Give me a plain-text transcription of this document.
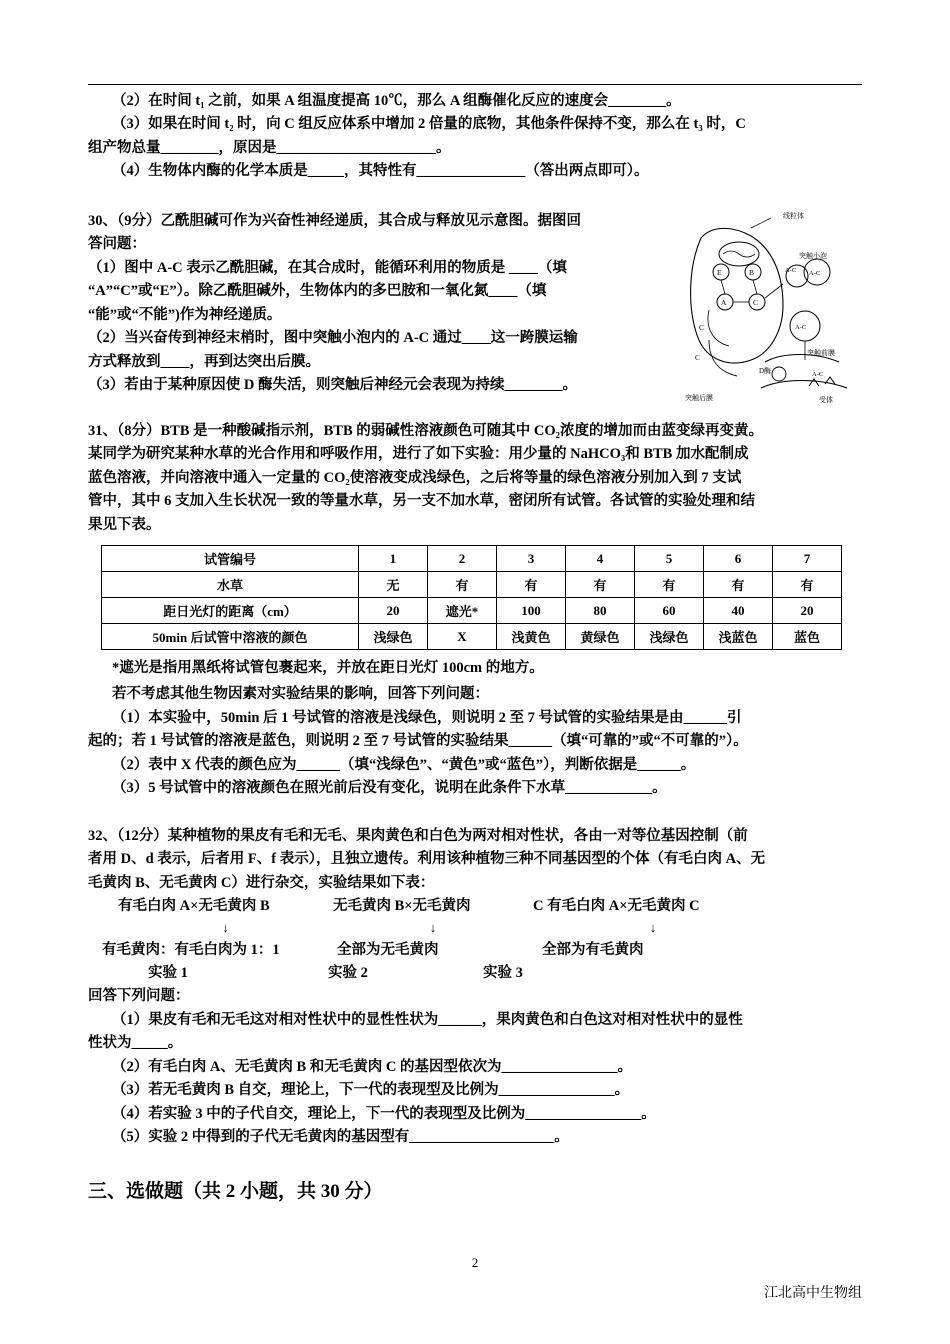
（2）在时间 t₁ 之前，如果 A 组温度提高 10℃，那么 A 组酶催化反应的速度会________。
（3）如果在时间 t₂ 时，向 C 组反应体系中增加 2 倍量的底物，其他条件保持不变，那么在 t₃ 时，C
组产物总量________，原因是______________________。
（4）生物体内酶的化学本质是_____，其特性有_______________（答出两点即可）。
30、（9分）乙酰胆碱可作为兴奋性神经递质，其合成与释放见示意图。据图回
答问题：
（1）图中 A-C 表示乙酰胆碱，在其合成时，能循环利用的物质是 ____（填
“A”“C”或“E”）。除乙酰胆碱外，生物体内的多巴胺和一氧化氮____（填
“能”或“不能”)作为神经递质。
（2）当兴奋传到神经末梢时，图中突触小泡内的 A-C 通过____这一跨膜运输
方式释放到____，再到达突出后膜。
（3）若由于某种原因使 D 酶失活，则突触后神经元会表现为持续________。
线粒体
E	B
A	C
C
C
A-C A-C
A-C
A-C
突触小泡
突触前膜
突触后膜	受体
D酶
31、（8分）BTB 是一种酸碱指示剂，BTB 的弱碱性溶液颜色可随其中 CO₂浓度的增加而由蓝变绿再变黄。
某同学为研究某种水草的光合作用和呼吸作用，进行了如下实验：用少量的 NaHCO₃和 BTB 加水配制成
蓝色溶液，并向溶液中通入一定量的 CO₂使溶液变成浅绿色，之后将等量的绿色溶液分别加入到 7 支试
管中，其中 6 支加入生长状况一致的等量水草，另一支不加水草，密闭所有试管。各试管的实验处理和结
果见下表。
试管编号	1	2	3	4	5	6	7
水草	无	有	有	有	有	有	有
距日光灯的距离（cm）	20	遮光*	100	80	60	40	20
50min 后试管中溶液的颜色	浅绿色	X	浅黄色	黄绿色	浅绿色	浅蓝色	蓝色
*遮光是指用黑纸将试管包裹起来，并放在距日光灯 100cm 的地方。
若不考虑其他生物因素对实验结果的影响，回答下列问题：
（1）本实验中，50min 后 1 号试管的溶液是浅绿色，则说明 2 至 7 号试管的实验结果是由______引
起的；若 1 号试管的溶液是蓝色，则说明 2 至 7 号试管的实验结果______（填“可靠的”或“不可靠的”）。
（2）表中 X 代表的颜色应为______（填“浅绿色”、“黄色”或“蓝色”），判断依据是______。
（3）5 号试管中的溶液颜色在照光前后没有变化，说明在此条件下水草____________。
32、（12分）某种植物的果皮有毛和无毛、果肉黄色和白色为两对相对性状，各由一对等位基因控制（前
者用 D、d 表示，后者用 F、f 表示），且独立遗传。利用该种植物三种不同基因型的个体（有毛白肉 A、无
毛黄肉 B、无毛黄肉 C）进行杂交，实验结果如下表：
有毛白肉 A×无毛黄肉 B	无毛黄肉 B×无毛黄肉	C 有毛白肉 A×无毛黄肉 C
↓	↓	↓
有毛黄肉：有毛白肉为 1：1	全部为无毛黄肉	全部为有毛黄肉
实验 1	实验 2	实验 3
回答下列问题：
（1）果皮有毛和无毛这对相对性状中的显性性状为______，果肉黄色和白色这对相对性状中的显性
性状为_____。
（2）有毛白肉 A、无毛黄肉 B 和无毛黄肉 C 的基因型依次为________________。
（3）若无毛黄肉 B 自交，理论上，下一代的表现型及比例为________________。
（4）若实验 3 中的子代自交，理论上，下一代的表现型及比例为________________。
（5）实验 2 中得到的子代无毛黄肉的基因型有____________________。
三、选做题（共 2 小题，共 30 分）
2
江北高中生物组
